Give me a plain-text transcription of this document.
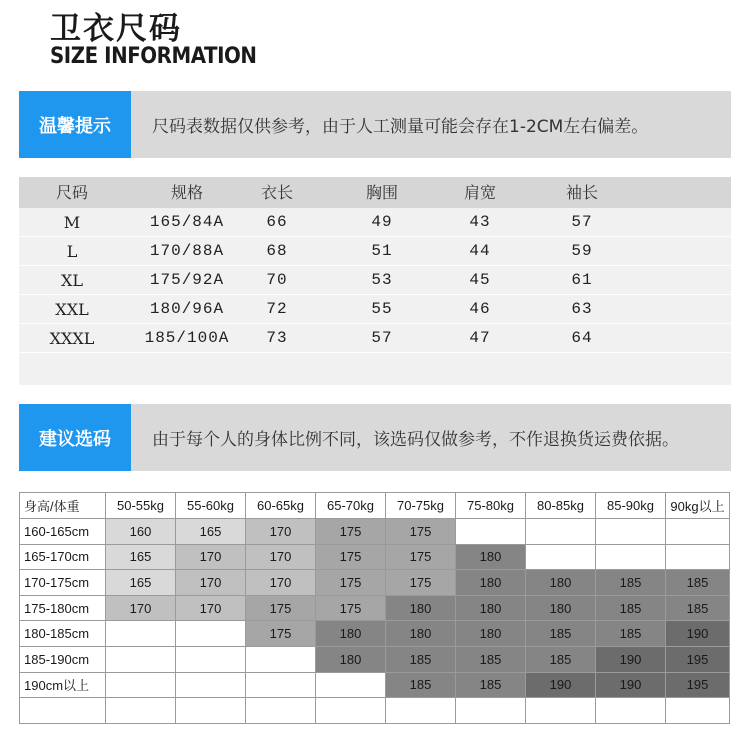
卫衣尺码
SIZE INFORMATION
温馨提示	尺码表数据仅供参考，由于人工测量可能会存在1-2CM左右偏差。
尺码	规格	衣长	胸围	肩宽	袖长
M	165/84A	66	49	43	57
L	170/88A	68	51	44	59
XL	175/92A	70	53	45	61
XXL	180/96A	72	55	46	63
XXXL	185/100A	73	57	47	64
建议选码	由于每个人的身体比例不同，该选码仅做参考，不作退换货运费依据。
身高/体重	50-55kg	55-60kg	60-65kg	65-70kg	70-75kg	75-80kg	80-85kg	85-90kg	90kg以上
160-165cm	160	165	170	175	175				
165-170cm	165	170	170	175	175	180			
170-175cm	165	170	170	175	175	180	180	185	185
175-180cm	170	170	175	175	180	180	180	185	185
180-185cm			175	180	180	180	185	185	190
185-190cm				180	185	185	185	190	195
190cm以上					185	185	190	190	195
